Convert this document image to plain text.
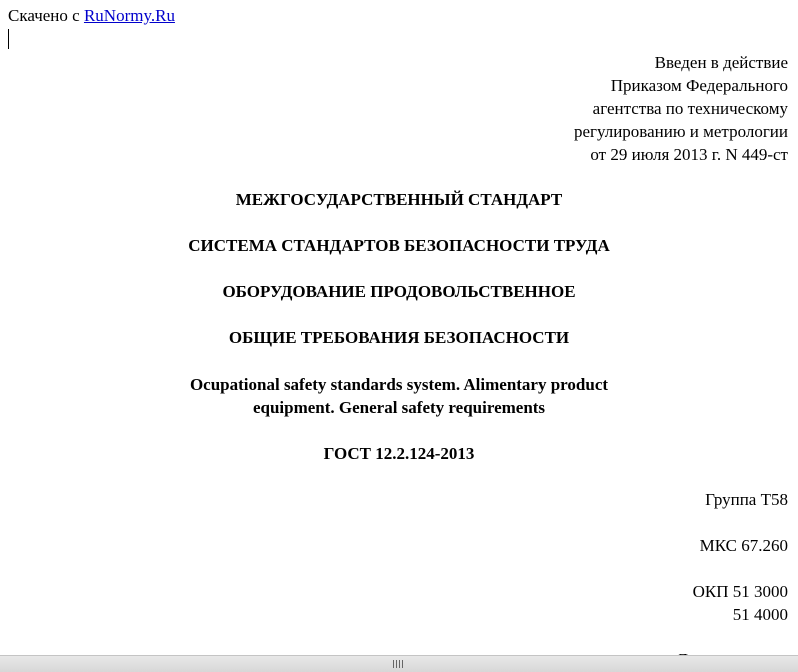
Скачено с RuNormy.Ru
Введен в действие
Приказом Федерального
агентства по техническому
регулированию и метрологии
от 29 июля 2013 г. N 449-ст
МЕЖГОСУДАРСТВЕННЫЙ СТАНДАРТ
СИСТЕМА СТАНДАРТОВ БЕЗОПАСНОСТИ ТРУДА
ОБОРУДОВАНИЕ ПРОДОВОЛЬСТВЕННОЕ
ОБЩИЕ ТРЕБОВАНИЯ БЕЗОПАСНОСТИ
Ocupational safety standards system. Alimentary product
equipment. General safety requirements
ГОСТ 12.2.124-2013
Группа Т58
МКС 67.260
ОКП 51 3000
51 4000
